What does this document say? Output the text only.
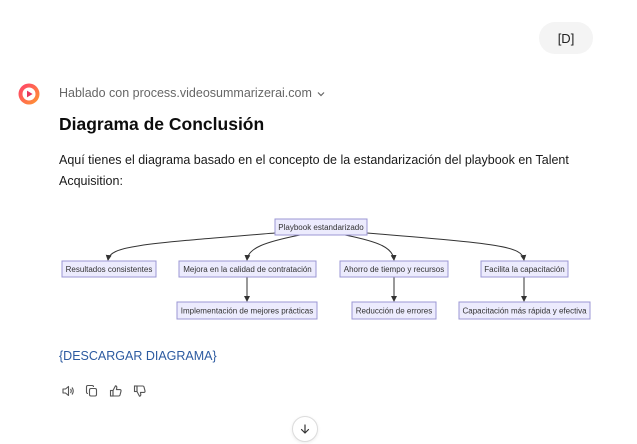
[D]
Hablado con process.videosummarizerai.com
Diagrama de Conclusión
Aquí tienes el diagrama basado en el concepto de la estandarización del playbook en Talent
Acquisition:
Playbook estandarizado
Resultados consistentes	Mejora en la calidad de contratación	Ahorro de tiempo y recursos	Facilita la capacitación
Implementación de mejores prácticas	Reducción de errores	Capacitación más rápida y efectiva
{DESCARGAR DIAGRAMA}
